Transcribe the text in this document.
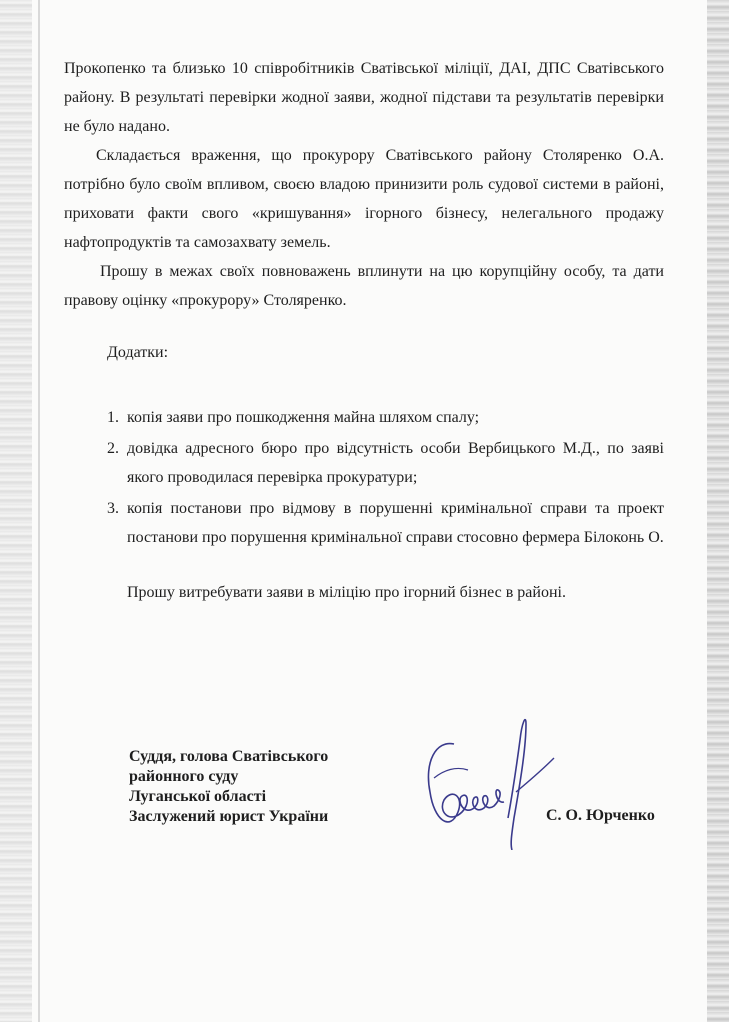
Прокопенко та близько 10 співробітників Сватівської міліції, ДАІ, ДПС Сватівського району. В результаті перевірки жодної заяви, жодної підстави та результатів перевірки не було надано.

Складається враження, що прокурору Сватівського району Столяренко О.А. потрібно було своїм впливом, своєю владою принизити роль судової системи в районі, приховати факти свого «кришування» ігорного бізнесу, нелегального продажу нафтопродуктів та самозахвату земель.

Прошу в межах своїх повноважень вплинути на цю корупційну особу, та дати правову оцінку «прокурору» Столяренко.

Додатки:
1. копія заяви про пошкодження майна шляхом спалу;
2. довідка адресного бюро про відсутність особи Вербицького М.Д., по заяві якого проводилася перевірка прокуратури;
3. копія постанови про відмову в порушенні кримінальної справи та проект постанови про порушення кримінальної справи стосовно фермера Білоконь О.
Прошу витребувати заяви в міліцію про ігорний бізнес в районі.
Суддя, голова Сватівського
районного суду
Луганської області
Заслужений юрист України	С. О. Юрченко
